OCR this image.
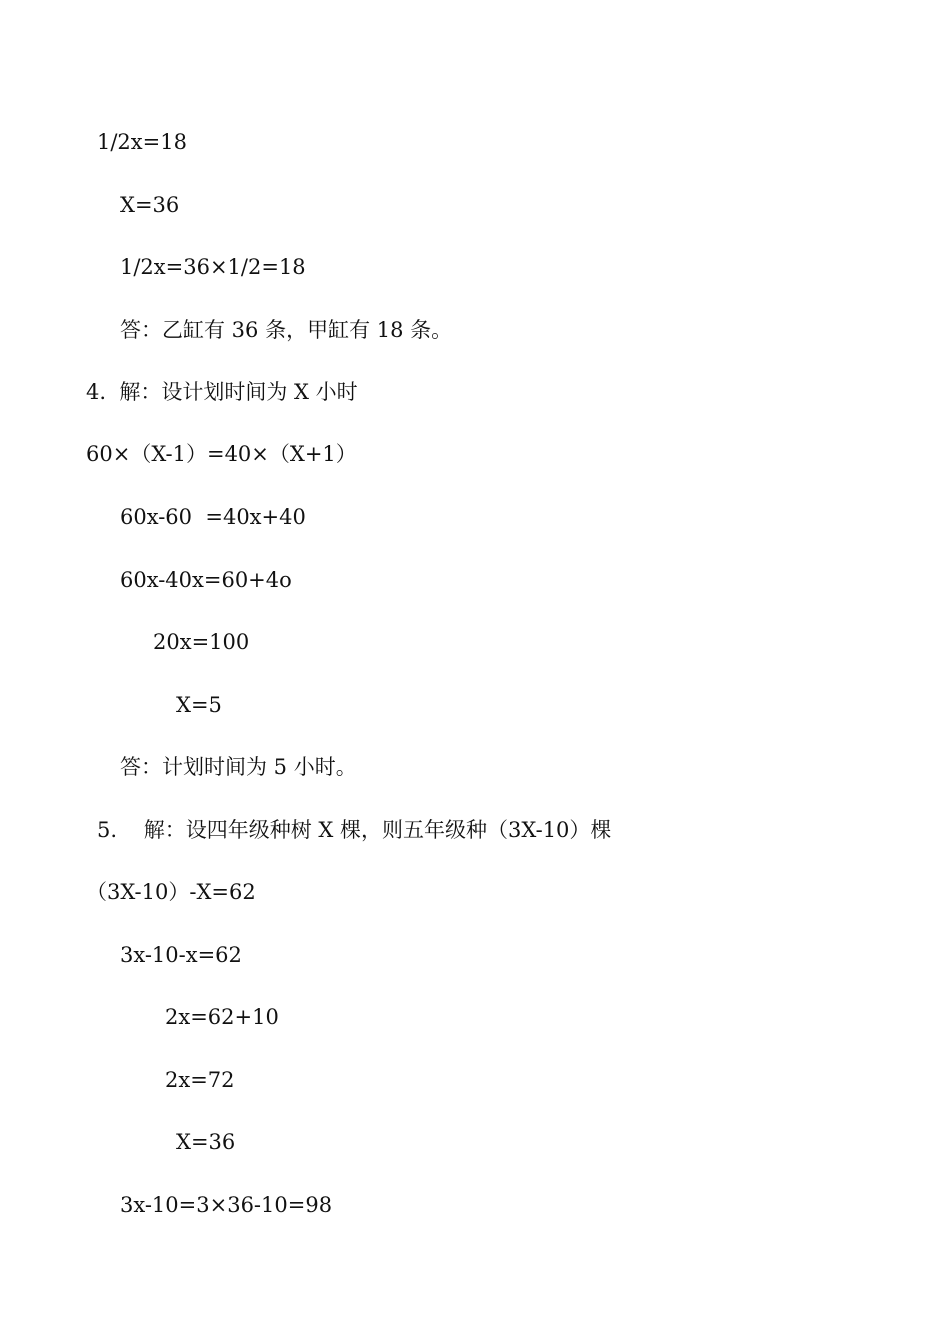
1/2x=18
X=36
1/2x=36×1/2=18
答：乙缸有 36 条，甲缸有 18 条。
4.  解：设计划时间为 X 小时
60×（X-1）=40×（X+1）
60x-60  =40x+40
60x-40x=60+4o
20x=100
X=5
答：计划时间为 5 小时。
5.    解：设四年级种树 X 棵，则五年级种（3X-10）棵
（3X-10）-X=62
3x-10-x=62
2x=62+10
2x=72
X=36
3x-10=3×36-10=98
